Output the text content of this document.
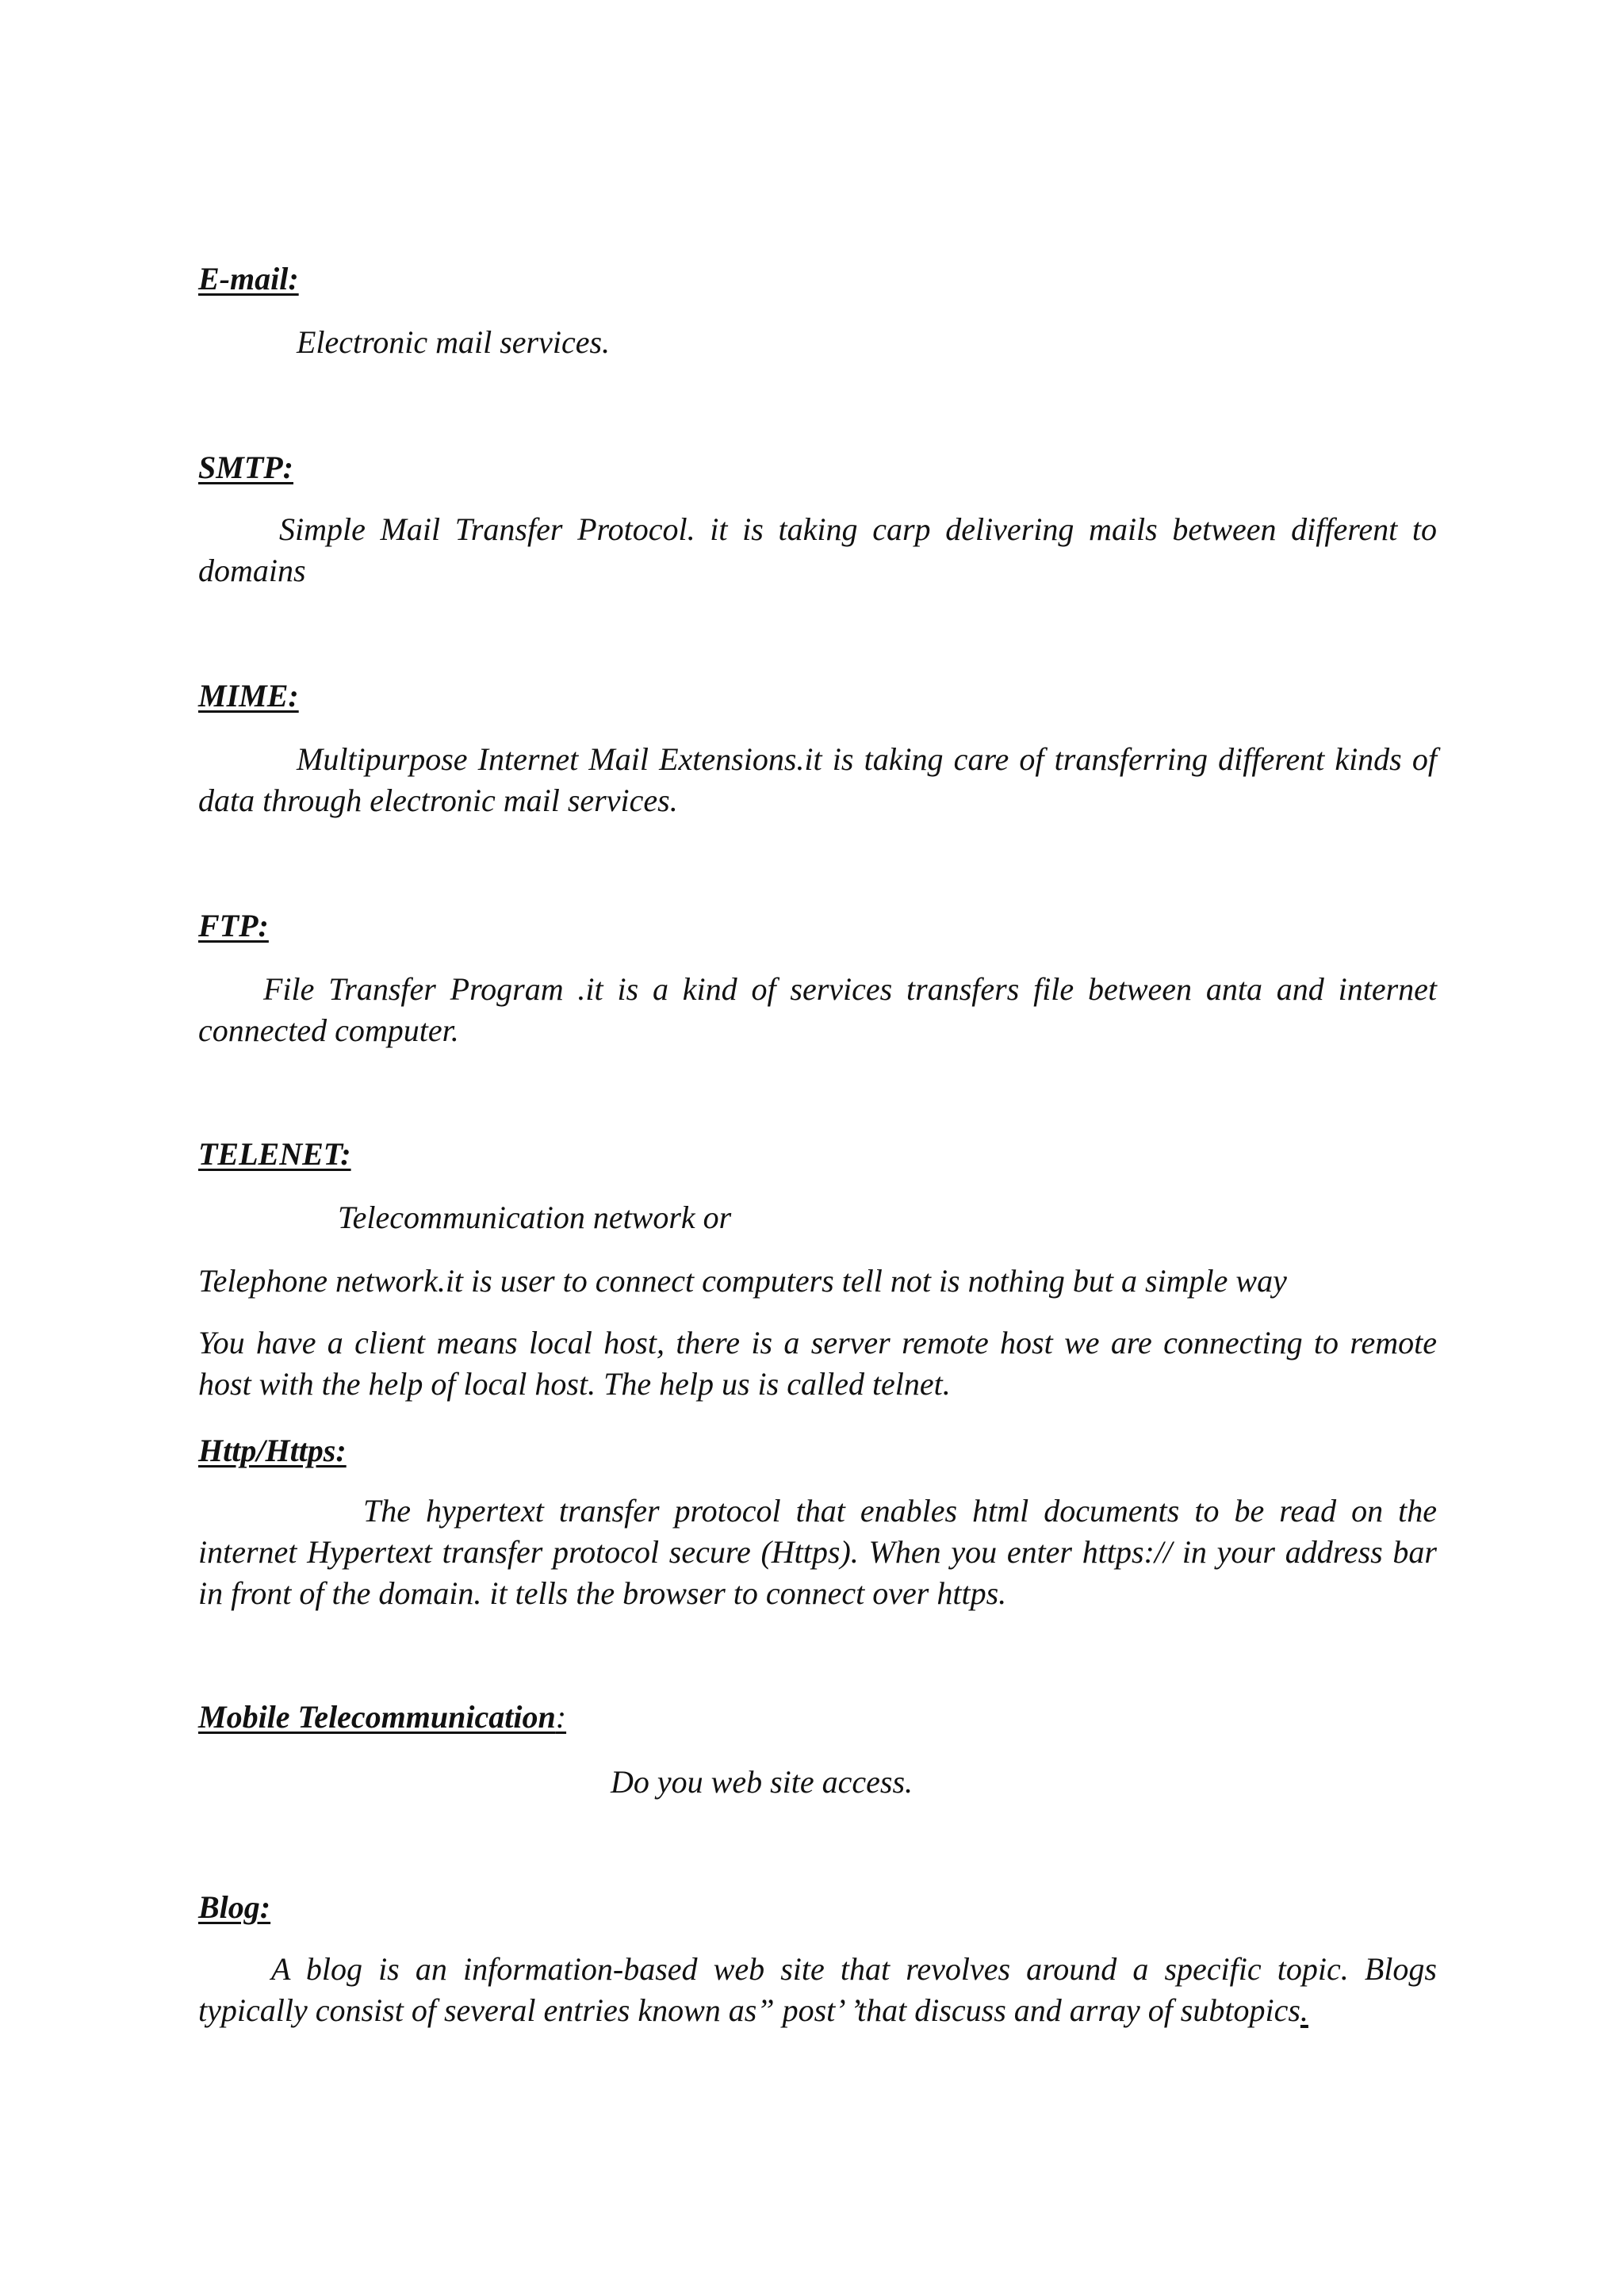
E-mail:

Electronic mail services.

SMTP:

Simple Mail Transfer Protocol. it is taking carp delivering mails between different to domains

MIME:

Multipurpose Internet Mail Extensions.it is taking care of transferring different kinds of data through electronic mail services.

FTP:

File Transfer Program .it is a kind of services transfers file between anta and internet connected computer.

TELENET:

Telecommunication network or

Telephone network.it is user to connect computers tell not is nothing but a simple way

You have a client means local host, there is a server remote host we are connecting to remote host with the help of local host. The help us is called telnet.

Http/Https:

The hypertext transfer protocol that enables html documents to be read on the internet Hypertext transfer protocol secure (Https). When you enter https:// in your address bar in front of the domain. it tells the browser to connect over https.

Mobile Telecommunication:

Do you web site access.

Blog:

A blog is an information-based web site that revolves around a specific topic. Blogs typically consist of several entries known as” post’ ’that discuss and array of subtopics.
